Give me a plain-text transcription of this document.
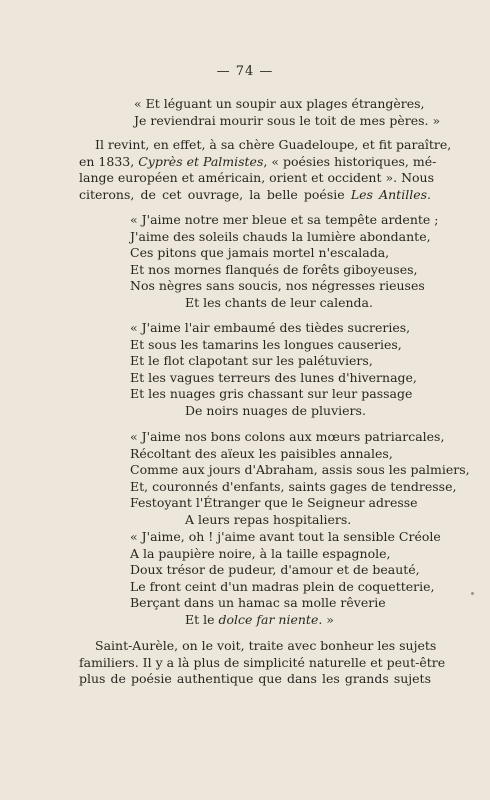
— 74 —
« Et léguant un soupir aux plages étrangères,
Je reviendrai mourir sous le toit de mes pères. »
Il revint, en effet, à sa chère Guadeloupe, et fit paraître,
en 1833, Cyprès et Palmistes, « poésies historiques, mé-
lange européen et américain, orient et occident ». Nous
citerons, de cet ouvrage, la belle poésie Les Antilles.
« J'aime notre mer bleue et sa tempête ardente ;
J'aime des soleils chauds la lumière abondante,
Ces pitons que jamais mortel n'escalada,
Et nos mornes flanqués de forêts giboyeuses,
Nos nègres sans soucis, nos négresses rieuses
Et les chants de leur calenda.
« J'aime l'air embaumé des tièdes sucreries,
Et sous les tamarins les longues causeries,
Et le flot clapotant sur les palétuviers,
Et les vagues terreurs des lunes d'hivernage,
Et les nuages gris chassant sur leur passage
De noirs nuages de pluviers.
« J'aime nos bons colons aux mœurs patriarcales,
Récoltant des aïeux les paisibles annales,
Comme aux jours d'Abraham, assis sous les palmiers,
Et, couronnés d'enfants, saints gages de tendresse,
Festoyant l'Étranger que le Seigneur adresse
A leurs repas hospitaliers.
« J'aime, oh ! j'aime avant tout la sensible Créole
A la paupière noire, à la taille espagnole,
Doux trésor de pudeur, d'amour et de beauté,
Le front ceint d'un madras plein de coquetterie,
Berçant dans un hamac sa molle rêverie
Et le dolce far niente. »
Saint-Aurèle, on le voit, traite avec bonheur les sujets
familiers. Il y a là plus de simplicité naturelle et peut-être
plus de poésie authentique que dans les grands sujets
